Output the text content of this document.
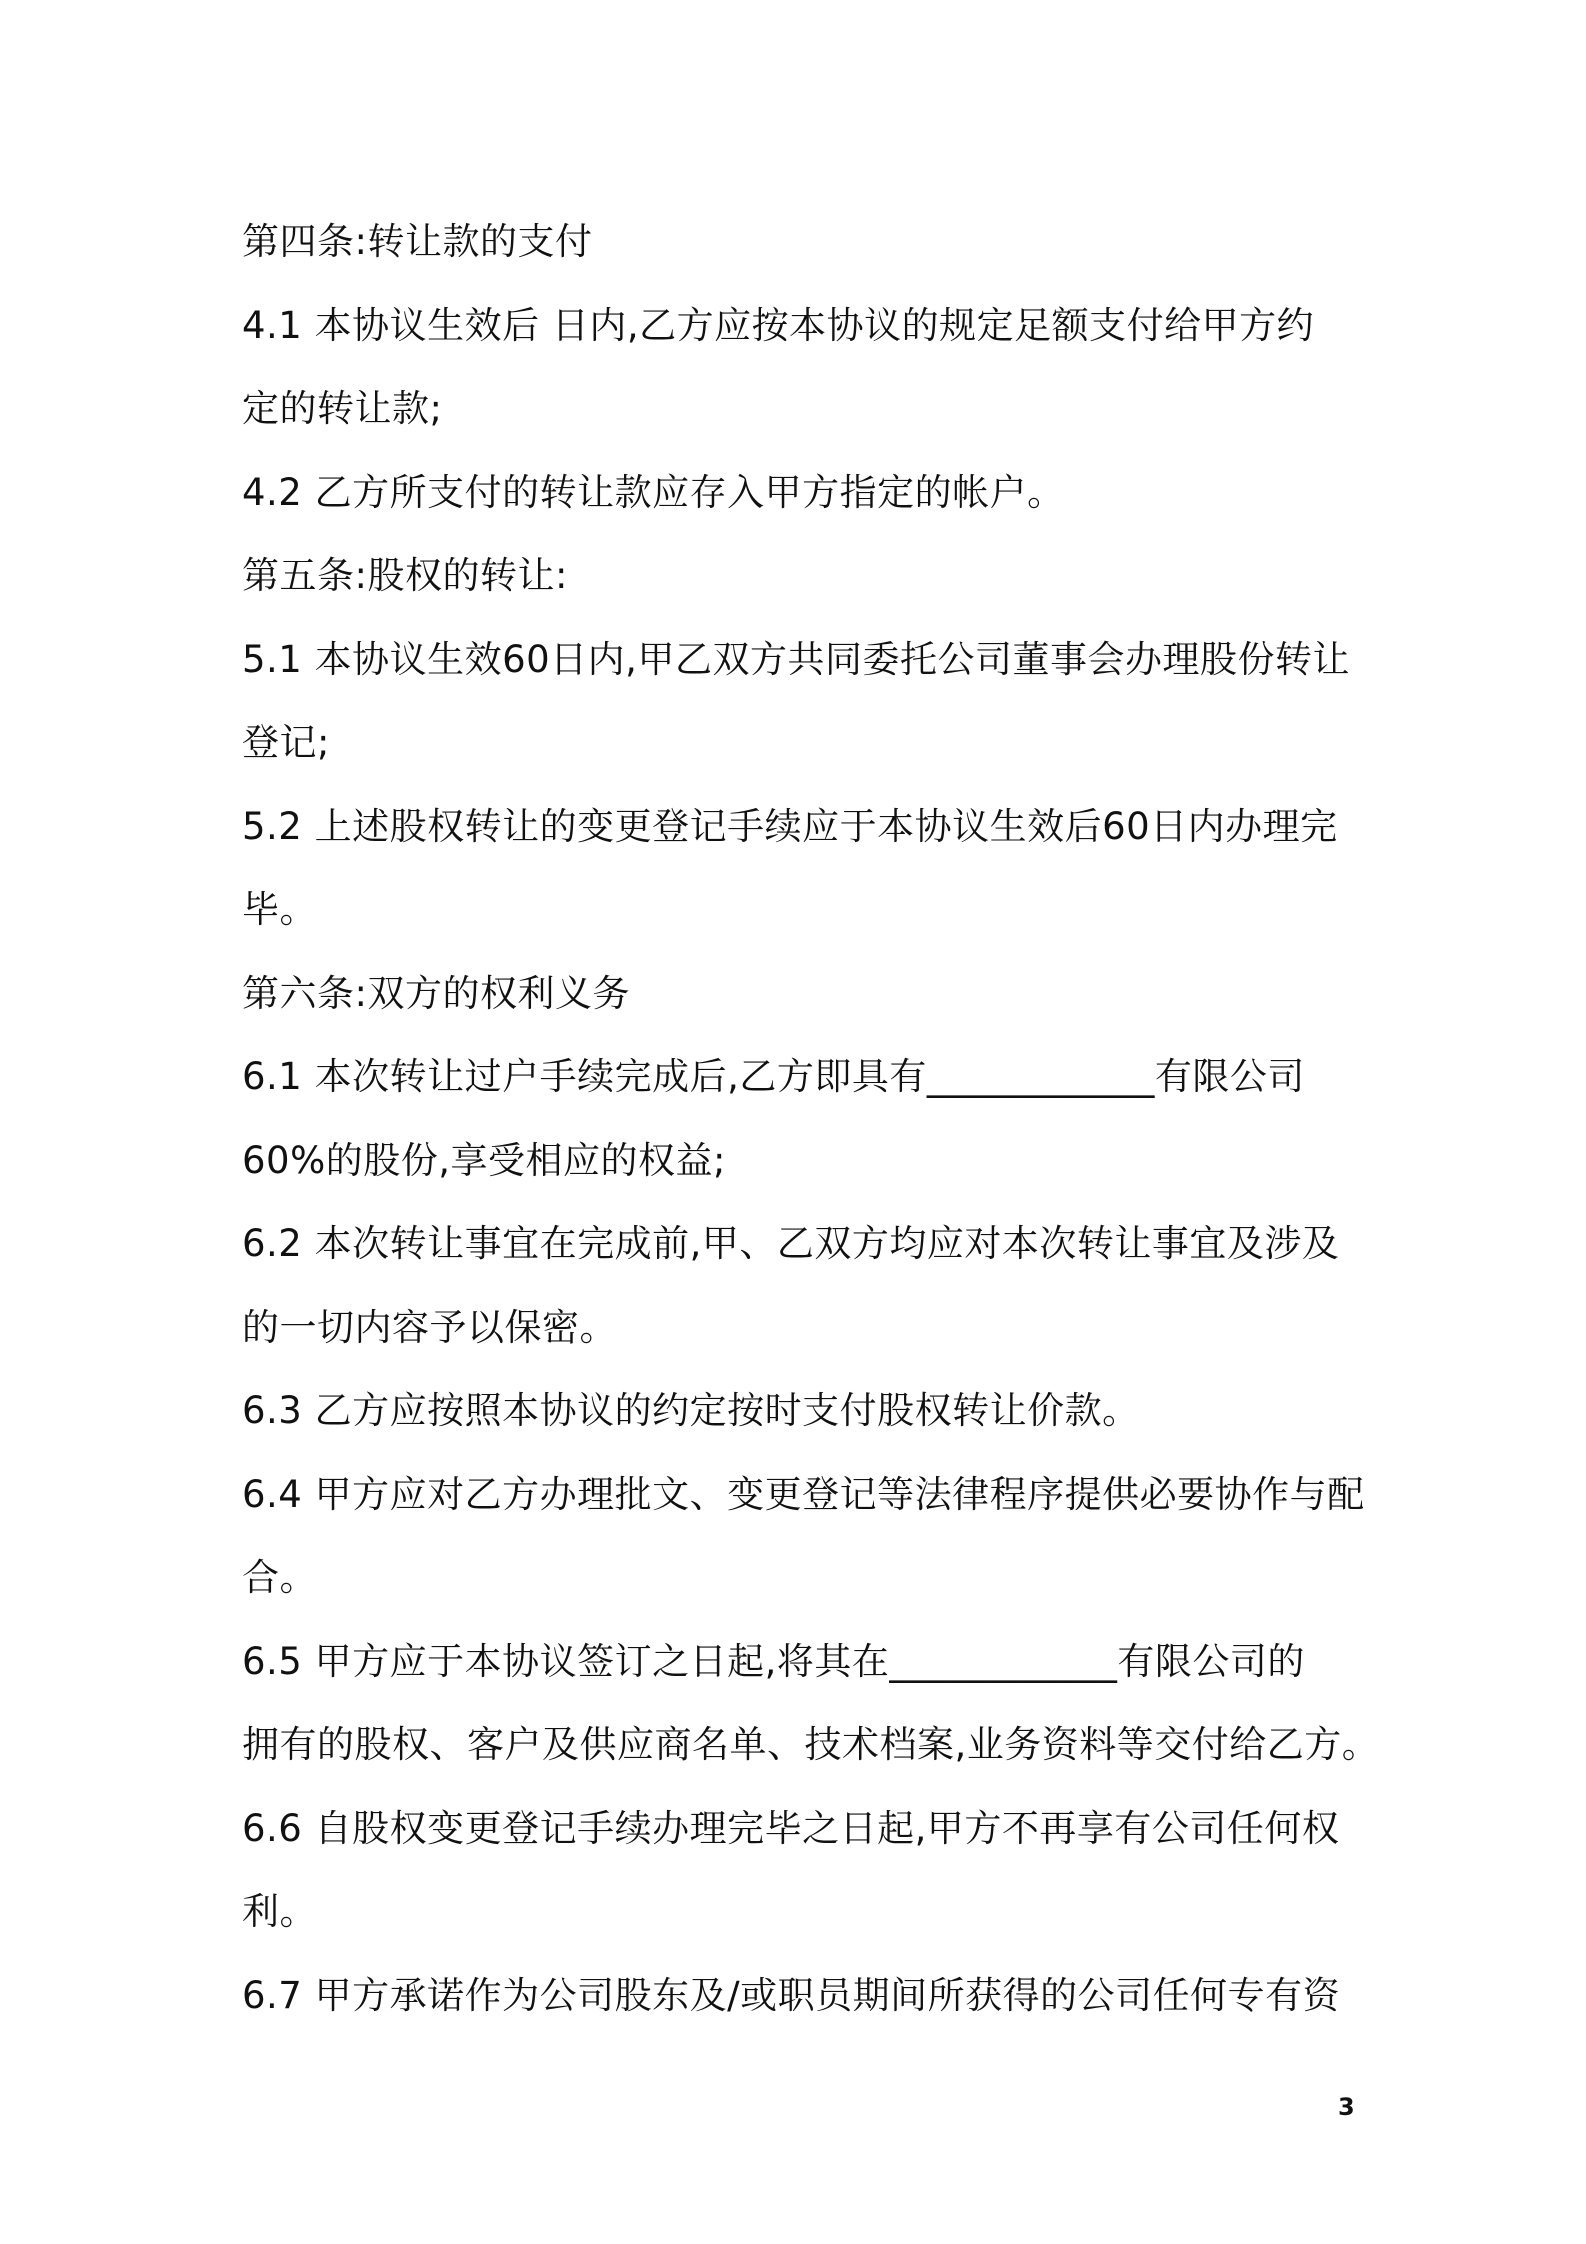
第四条:转让款的支付
4.1 本协议生效后 日内,乙方应按本协议的规定足额支付给甲方约
定的转让款;
4.2 乙方所支付的转让款应存入甲方指定的帐户。
第五条:股权的转让:
5.1 本协议生效60日内,甲乙双方共同委托公司董事会办理股份转让
登记;
5.2 上述股权转让的变更登记手续应于本协议生效后60日内办理完
毕。
第六条:双方的权利义务
6.1 本次转让过户手续完成后,乙方即具有____________有限公司
60%的股份,享受相应的权益;
6.2 本次转让事宜在完成前,甲、乙双方均应对本次转让事宜及涉及
的一切内容予以保密。
6.3 乙方应按照本协议的约定按时支付股权转让价款。
6.4 甲方应对乙方办理批文、变更登记等法律程序提供必要协作与配
合。
6.5 甲方应于本协议签订之日起,将其在____________有限公司的
拥有的股权、客户及供应商名单、技术档案,业务资料等交付给乙方。
6.6 自股权变更登记手续办理完毕之日起,甲方不再享有公司任何权
利。
6.7 甲方承诺作为公司股东及/或职员期间所获得的公司任何专有资
3
